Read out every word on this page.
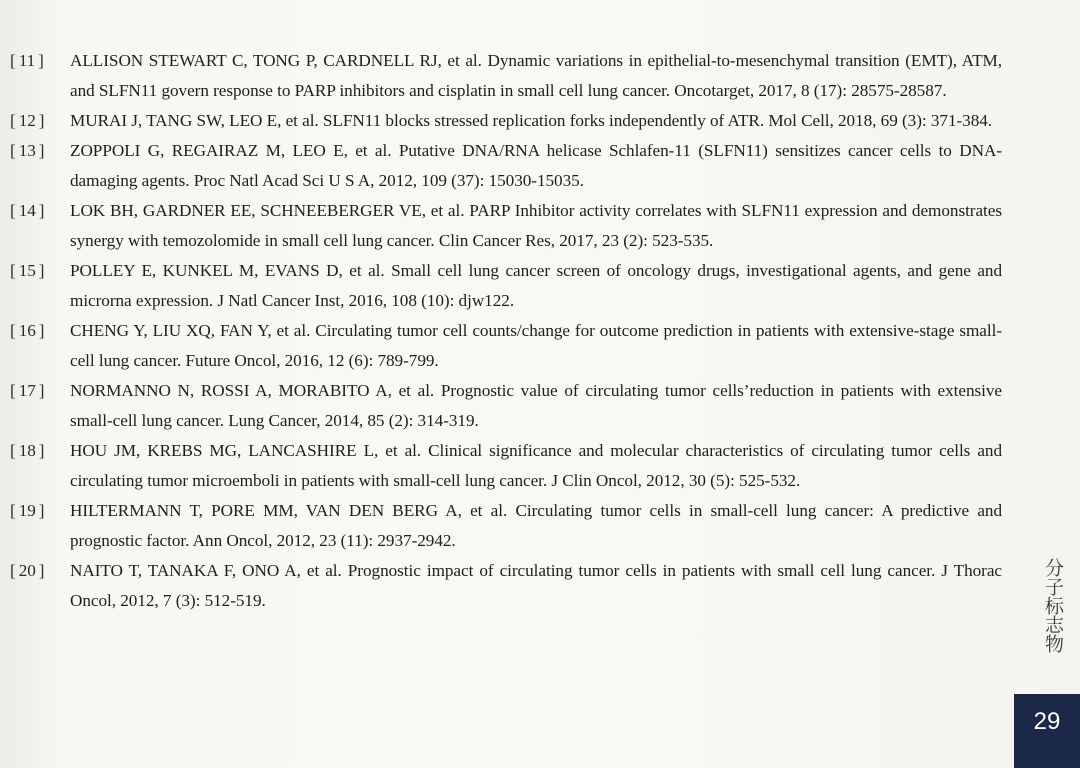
[ 11 ]	ALLISON STEWART C, TONG P, CARDNELL RJ, et al. Dynamic variations in epithelial-to-mesenchymal transition (EMT), ATM, and SLFN11 govern response to PARP inhibitors and cisplatin in small cell lung cancer. Oncotarget, 2017, 8 (17): 28575-28587.
[ 12 ]	MURAI J, TANG SW, LEO E, et al. SLFN11 blocks stressed replication forks independently of ATR. Mol Cell, 2018, 69 (3): 371-384.
[ 13 ]	ZOPPOLI G, REGAIRAZ M, LEO E, et al. Putative DNA/RNA helicase Schlafen-11 (SLFN11) sensitizes cancer cells to DNA-damaging agents. Proc Natl Acad Sci U S A, 2012, 109 (37): 15030-15035.
[ 14 ]	LOK BH, GARDNER EE, SCHNEEBERGER VE, et al. PARP Inhibitor activity correlates with SLFN11 expression and demonstrates synergy with temozolomide in small cell lung cancer. Clin Cancer Res, 2017, 23 (2): 523-535.
[ 15 ]	POLLEY E, KUNKEL M, EVANS D, et al. Small cell lung cancer screen of oncology drugs, investigational agents, and gene and microrna expression. J Natl Cancer Inst, 2016, 108 (10): djw122.
[ 16 ]	CHENG Y, LIU XQ, FAN Y, et al. Circulating tumor cell counts/change for outcome prediction in patients with extensive-stage small-cell lung cancer. Future Oncol, 2016, 12 (6): 789-799.
[ 17 ]	NORMANNO N, ROSSI A, MORABITO A, et al. Prognostic value of circulating tumor cells’reduction in patients with extensive small-cell lung cancer. Lung Cancer, 2014, 85 (2): 314-319.
[ 18 ]	HOU JM, KREBS MG, LANCASHIRE L, et al. Clinical significance and molecular characteristics of circulating tumor cells and circulating tumor microemboli in patients with small-cell lung cancer. J Clin Oncol, 2012, 30 (5): 525-532.
[ 19 ]	HILTERMANN T, PORE MM, VAN DEN BERG A, et al. Circulating tumor cells in small-cell lung cancer: A predictive and prognostic factor. Ann Oncol, 2012, 23 (11): 2937-2942.
[ 20 ]	NAITO T, TANAKA F, ONO A, et al. Prognostic impact of circulating tumor cells in patients with small cell lung cancer. J Thorac Oncol, 2012, 7 (3): 512-519.	分子标志物
29
